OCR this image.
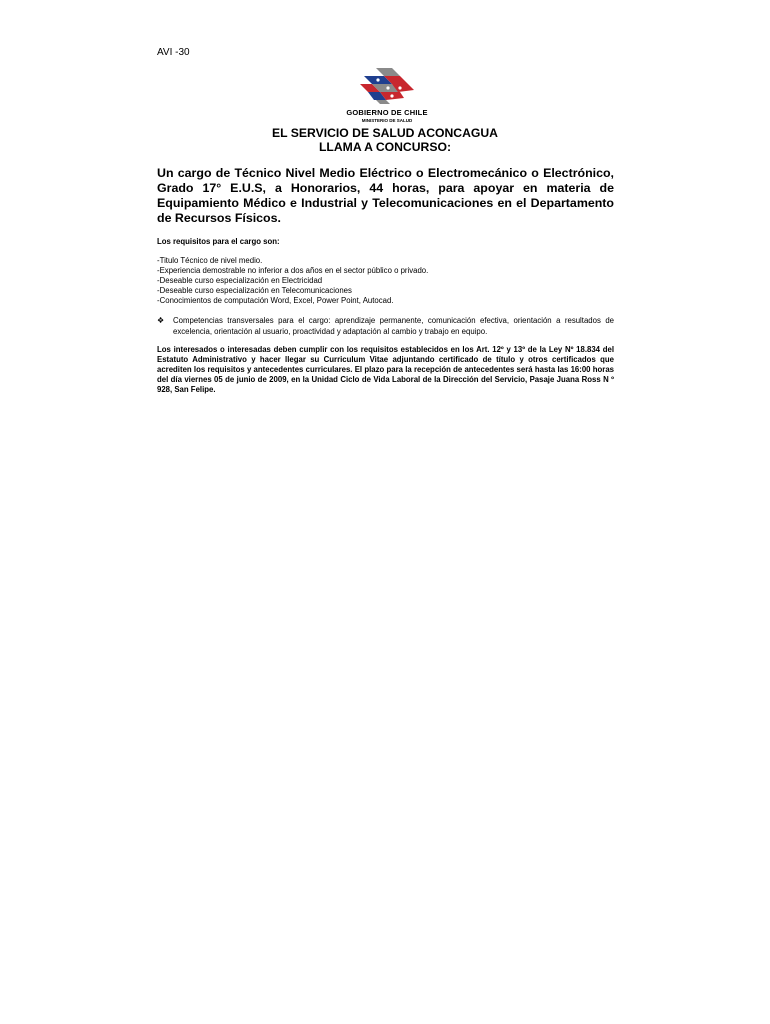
AVI -30
GOBIERNO DE CHILE
MINISTERIO DE SALUD
EL SERVICIO DE SALUD ACONCAGUA
LLAMA A CONCURSO:
Un cargo de Técnico Nivel Medio Eléctrico o Electromecánico o Electrónico, Grado 17° E.U.S, a Honorarios, 44 horas, para apoyar en materia de Equipamiento Médico e Industrial y Telecomunicaciones en el Departamento de Recursos Físicos.
Los requisitos para el cargo son:
-Titulo Técnico de nivel medio.
-Experiencia demostrable no inferior a dos años en el sector público o privado.
-Deseable curso especialización en Electricidad
-Deseable curso especialización en Telecomunicaciones
-Conocimientos de computación Word, Excel, Power Point, Autocad.
❖ Competencias transversales para el cargo: aprendizaje permanente, comunicación efectiva, orientación a resultados de excelencia, orientación al usuario, proactividad y adaptación al cambio y trabajo en equipo.
Los interesados o interesadas deben cumplir con los requisitos establecidos en los Art. 12º y 13º de la Ley Nº 18.834 del Estatuto Administrativo y hacer llegar su Curriculum Vitae adjuntando certificado de título y otros certificados que acrediten los requisitos y antecedentes curriculares. El plazo para la recepción de antecedentes será hasta las 16:00 horas del día viernes 05 de junio de 2009, en la Unidad Ciclo de Vida Laboral de la Dirección del Servicio, Pasaje Juana Ross N º 928, San Felipe.
